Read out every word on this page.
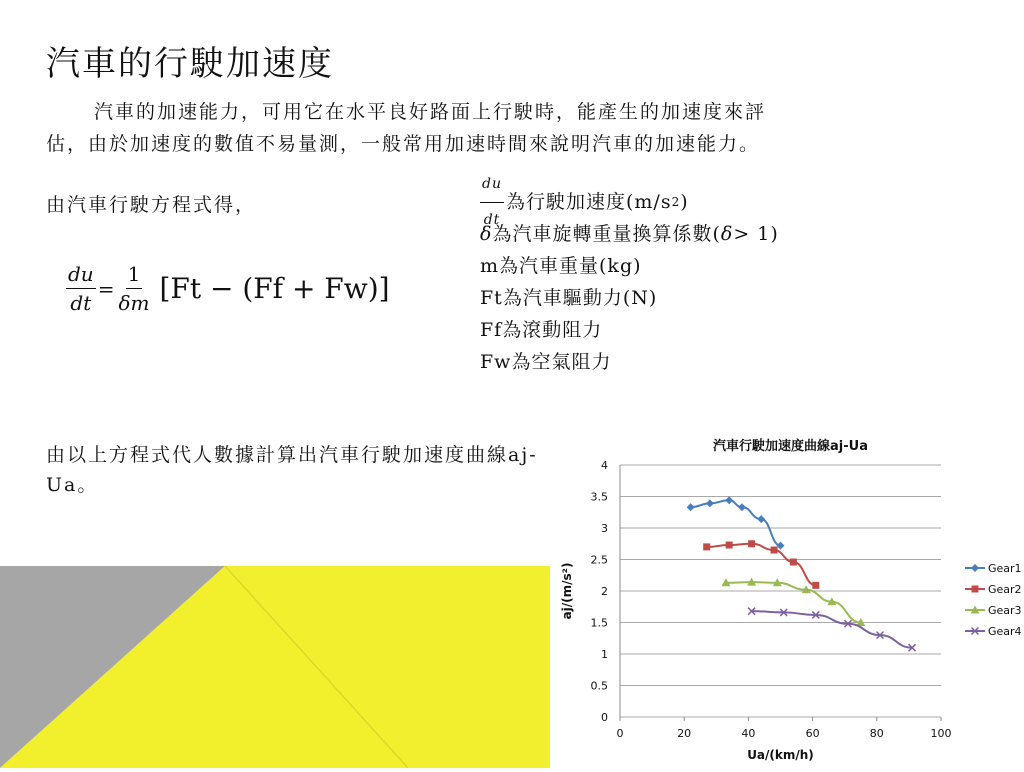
汽車的行駛加速度
汽車的加速能力，可用它在水平良好路面上行駛時，能產生的加速度來評
估，由於加速度的數值不易量測，一般常用加速時間來說明汽車的加速能力。
由汽車行駛方程式得，
$\frac{du}{dt} = \frac{1}{\delta m} [Ft - (Ff + Fw)]$
$\frac{du}{dt}$ 為行駛加速度(m/s 2 )
δ 為汽車旋轉重量換算係數( δ > 1)
m為汽車重量(kg)
Ft為汽車驅動力(N)
Ff為滾動阻力
Fw為空氣阻力
由以上方程式代人數據計算出汽車行駛加速度曲線aj-Ua。
汽車行駛加速度曲線aj-Ua
0
0.5
1
1.5
2
2.5
3
3.5
4
0	20	40	60	80	100
Ua/(km/h)
aj/(m/s²)	Gear1
Gear2
Gear3
Gear4
